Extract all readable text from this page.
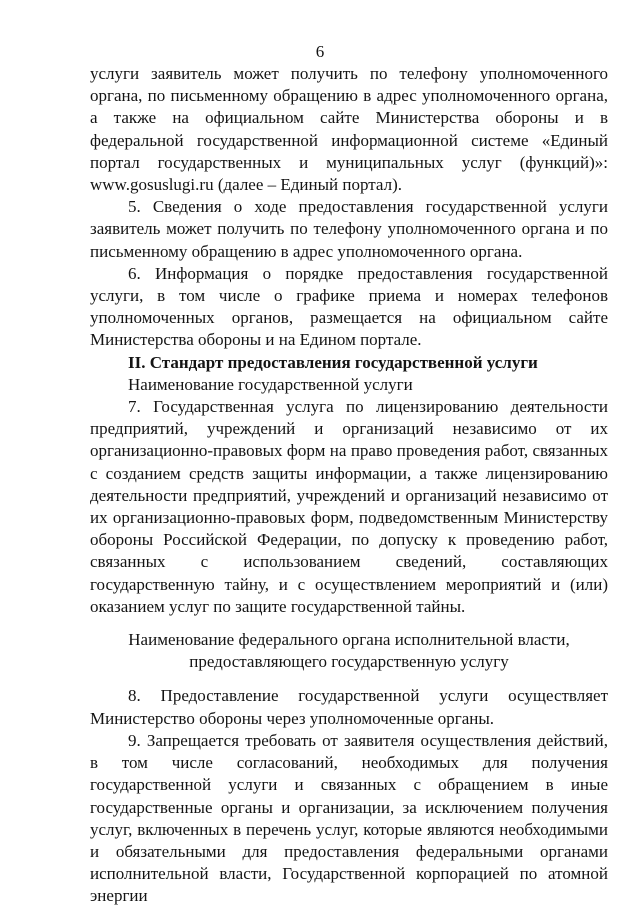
6

услуги заявитель может получить по телефону уполномоченного органа, по письменному обращению в адрес уполномоченного органа, а также на официальном сайте Министерства обороны и в федеральной государственной информационной системе «Единый портал государственных и муниципальных услуг (функций)»: www.gosuslugi.ru (далее – Единый портал).

5. Сведения о ходе предоставления государственной услуги заявитель может получить по телефону уполномоченного органа и по письменному обращению в адрес уполномоченного органа.

6. Информация о порядке предоставления государственной услуги, в том числе о графике приема и номерах телефонов уполномоченных органов, размещается на официальном сайте Министерства обороны и на Едином портале.

II. Стандарт предоставления государственной услуги

Наименование государственной услуги

7. Государственная услуга по лицензированию деятельности предприятий, учреждений и организаций независимо от их организационно-правовых форм на право проведения работ, связанных с созданием средств защиты информации, а также лицензированию деятельности предприятий, учреждений и организаций независимо от их организационно-правовых форм, подведомственным Министерству обороны Российской Федерации, по допуску к проведению работ, связанных с использованием сведений, составляющих государственную тайну, и с осуществлением мероприятий и (или) оказанием услуг по защите государственной тайны.

Наименование федерального органа исполнительной власти,
предоставляющего государственную услугу

8. Предоставление государственной услуги осуществляет Министерство обороны через уполномоченные органы.

9. Запрещается требовать от заявителя осуществления действий, в том числе согласований, необходимых для получения государственной услуги и связанных с обращением в иные государственные органы и организации, за исключением получения услуг, включенных в перечень услуг, которые являются необходимыми и обязательными для предоставления федеральными органами исполнительной власти, Государственной корпорацией по атомной энергии
